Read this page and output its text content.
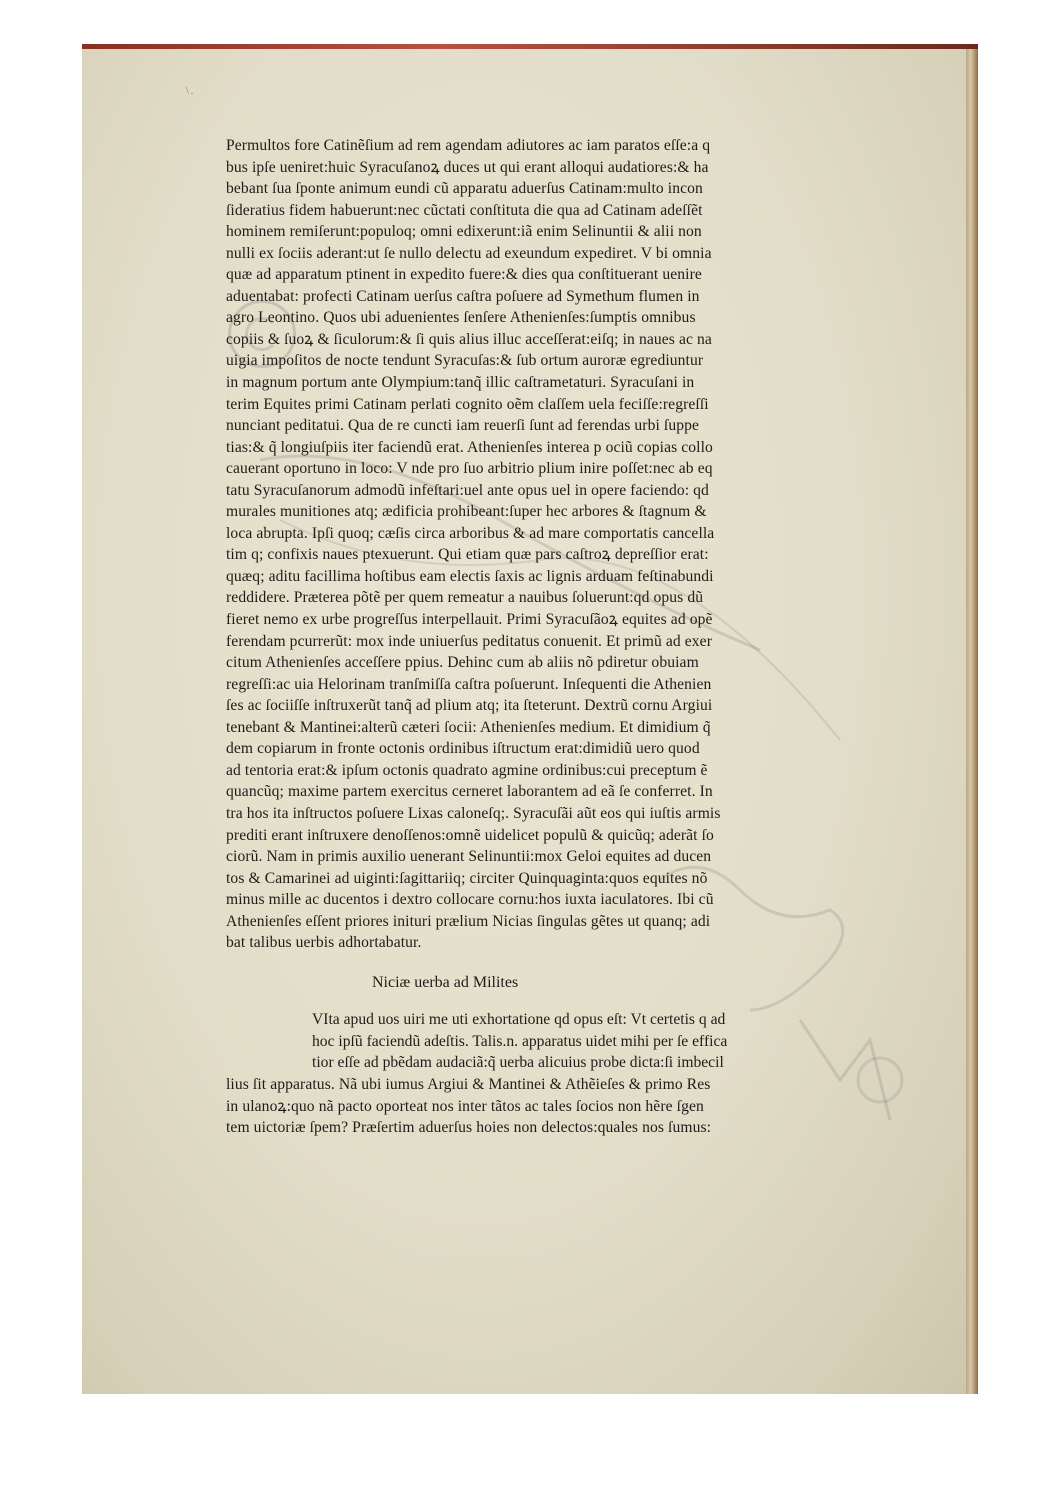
\.
Permultos fore Catinẽſium ad rem agendam adiutores ac iam paratos eſſe:a q
bus ipſe ueniret:huic Syracuſanoꝝ duces ut qui erant alloqui audatiores:& ha
bebant ſua ſponte animum eundi cũ apparatu aduerſus Catinam:multo incon
ſideratius fidem habuerunt:nec cũctati conſtituta die qua ad Catinam adeſſẽt
hominem remiſerunt:populoq; omni edixerunt:iã enim Selinuntii & alii non
nulli ex ſociis aderant:ut ſe nullo delectu ad exeundum expediret. V bi omnia
quæ ad apparatum ptinent in expedito fuere:& dies qua conſtituerant uenire
aduentabat: profecti Catinam uerſus caſtra poſuere ad Symethum flumen in
agro Leontino. Quos ubi aduenientes ſenſere Athenienſes:ſumptis omnibus
copiis & ſuoꝝ & ſiculorum:& ſi quis alius illuc acceſſerat:eiſq; in naues ac na
uigia impoſitos de nocte tendunt Syracuſas:& ſub ortum auroræ egrediuntur
in magnum portum ante Olympium:tanq̃ illic caſtrametaturi. Syracuſani in
terim Equites primi Catinam perlati cognito oẽm claſſem uela feciſſe:regreſſi
nunciant peditatui. Qua de re cuncti iam reuerſi ſunt ad ferendas urbi ſuppe
tias:& q̃ longiuſpiis iter faciendũ erat. Athenienſes interea p ociũ copias collo
cauerant oportuno in loco: V nde pro ſuo arbitrio plium inire poſſet:nec ab eq
tatu Syracuſanorum admodũ infeſtari:uel ante opus uel in opere faciendo: qd
murales munitiones atq; ædificia prohibeant:ſuper hec arbores & ſtagnum &
loca abrupta. Ipſi quoq; cæſis circa arboribus & ad mare comportatis cancella
tim q; confixis naues ptexuerunt. Qui etiam quæ pars caſtroꝝ depreſſior erat:
quæq; aditu facillima hoſtibus eam electis ſaxis ac lignis arduam feſtinabundi
reddidere. Præterea põtẽ per quem remeatur a nauibus ſoluerunt:qd opus dũ
fieret nemo ex urbe progreſſus interpellauit. Primi Syracuſãoꝝ equites ad opẽ
ferendam pcurrerũt: mox inde uniuerſus peditatus conuenit. Et primũ ad exer
citum Athenienſes acceſſere ppius. Dehinc cum ab aliis nõ pdiretur obuiam
regreſſi:ac uia Helorinam tranſmiſſa caſtra poſuerunt. Inſequenti die Athenien
ſes ac ſociiſſe inſtruxerũt tanq̃ ad plium atq; ita ſteterunt. Dextrũ cornu Argiui
tenebant & Mantinei:alterũ cæteri ſocii: Athenienſes medium. Et dimidium q̃
dem copiarum in fronte octonis ordinibus iſtructum erat:dimidiũ uero quod
ad tentoria erat:& ipſum octonis quadrato agmine ordinibus:cui preceptum ẽ
quancũq; maxime partem exercitus cerneret laborantem ad eã ſe conferret. In
tra hos ita inſtructos poſuere Lixas caloneſq;. Syracuſãi aũt eos qui iuſtis armis
prediti erant inſtruxere denoſſenos:omnẽ uidelicet populũ & quicũq; aderãt ſo
ciorũ. Nam in primis auxilio uenerant Selinuntii:mox Geloi equites ad ducen
tos & Camarinei ad uiginti:ſagittariiq; circiter Quinquaginta:quos equites nõ
minus mille ac ducentos i dextro collocare cornu:hos iuxta iaculatores. Ibi cũ
Athenienſes eſſent priores inituri prælium Nicias ſingulas gẽtes ut quanq; adi
bat talibus uerbis adhortabatur.
Niciæ uerba ad Milites
VIta apud uos uiri me uti exhortatione qd opus eſt: Vt certetis q ad
hoc ipſũ faciendũ adeſtis. Talis.n. apparatus uidet mihi per ſe effica
tior eſſe ad pbẽdam audaciã:q̃ uerba alicuius probe dicta:ſi imbecil
lius ſit apparatus. Nã ubi iumus Argiui & Mantinei & Athẽieſes & primo Res
in ulanoꝝ:quo nã pacto oporteat nos inter tãtos ac tales ſocios non hẽre ſgen
tem uictoriæ ſpem? Præſertim aduerſus hoies non delectos:quales nos ſumus:
